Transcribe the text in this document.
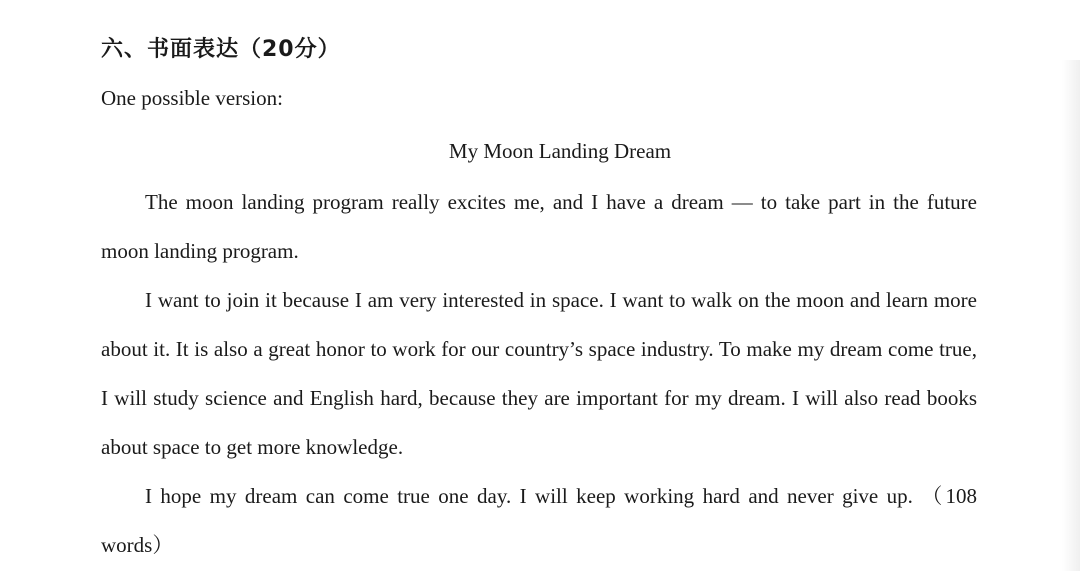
六、书面表达（20分）
One possible version:
My Moon Landing Dream

The moon landing program really excites me, and I have a dream — to take part in the future moon landing program.

I want to join it because I am very interested in space. I want to walk on the moon and learn more about it. It is also a great honor to work for our country’s space industry. To make my dream come true, I will study science and English hard, because they are important for my dream. I will also read books about space to get more knowledge.

I hope my dream can come true one day. I will keep working hard and never give up. （108 words）
